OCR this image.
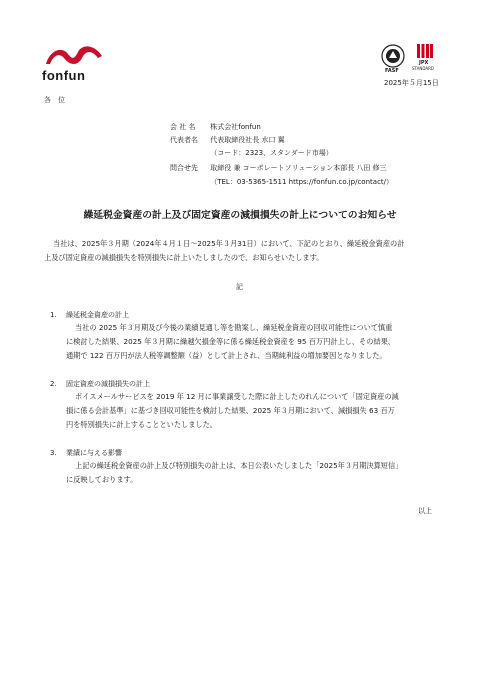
fonfun	FASF
JPX
STANDARD
2025年５月15日
各　位
会 社 名 株式会社fonfun
代表者名 代表取締役社長 水口 翼
（コード：2323、スタンダード市場）
問合せ先 取締役 兼 コーポレートソリューション本部長 八田 修三
（TEL：03-5365-1511 https://fonfun.co.jp/contact/）
繰延税金資産の計上及び固定資産の減損損失の計上についてのお知らせ
当社は、2025年３月期（2024年４月１日～2025年３月31日）において、下記のとおり、繰延税金資産の計
上及び固定資産の減損損失を特別損失に計上いたしましたので、お知らせいたします。
記
1. 繰延税金資産の計上
当社の 2025 年３月期及び今後の業績見通し等を勘案し、繰延税金資産の回収可能性について慎重
に検討した結果、2025 年３月期に繰越欠損金等に係る繰延税金資産を 95 百万円計上し、その結果、
通期で 122 百万円が法人税等調整額（益）として計上され、当期純利益の増加要因となりました。
2. 固定資産の減損損失の計上
ボイスメールサービスを 2019 年 12 月に事業譲受した際に計上したのれんについて「固定資産の減
損に係る会計基準」に基づき回収可能性を検討した結果、2025 年３月期において、減損損失 63 百万
円を特別損失に計上することといたしました。
3. 業績に与える影響
上記の繰延税金資産の計上及び特別損失の計上は、本日公表いたしました「2025年３月期決算短信」
に反映しております。
以上
